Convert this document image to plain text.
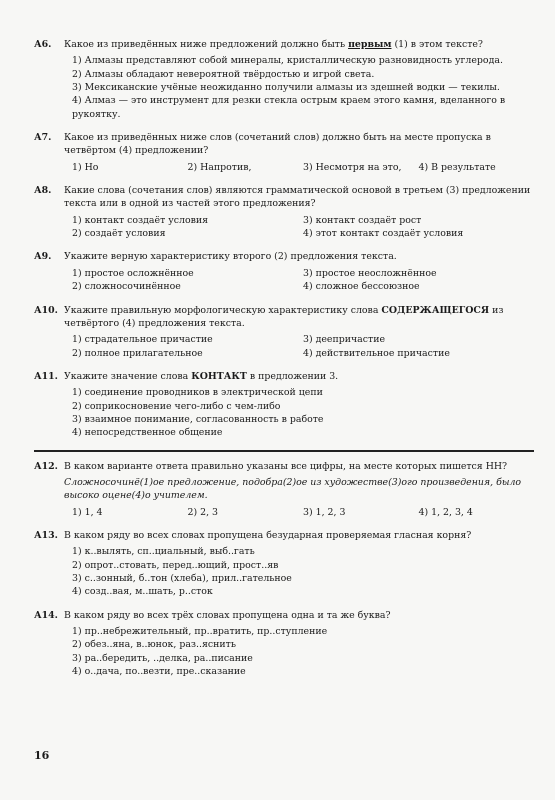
А6.	Какое из приведённых ниже предложений должно быть первым (1) в этом тексте?

1) Алмазы представляют собой минералы, кристаллическую разновидность углерода.

2) Алмазы обладают невероятной твёрдостью и игрой света.

3) Мексиканские учёные неожиданно получили алмазы из здешней водки — текилы.

4) Алмаз — это инструмент для резки стекла острым краем этого камня, вделанного в рукоятку.

А7.	Какое из приведённых ниже слов (сочетаний слов) должно быть на месте пропуска в четвёртом (4) предложении?

1) Но	2) Напротив,	3) Несмотря на это,	4) В результате

А8.	Какие слова (сочетания слов) являются грамматической основой в третьем (3) предложении текста или в одной из частей этого предложения?

1) контакт создаёт условия	3) контакт создаёт рост

2) создаёт условия	4) этот контакт создаёт условия

А9.	Укажите верную характеристику второго (2) предложения текста.

1) простое осложнённое	3) простое неосложнённое

2) сложносочинённое	4) сложное бессоюзное

А10. Укажите правильную морфологическую характеристику слова СОДЕРЖАЩЕГОСЯ из четвёртого (4) предложения текста.

1) страдательное причастие	3) деепричастие

2) полное прилагательное	4) действительное причастие

А11. Укажите значение слова КОНТАКТ в предложении 3.

1) соединение проводников в электрической цепи

2) соприкосновение чего-либо с чем-либо

3) взаимное понимание, согласованность в работе

4) непосредственное общение

А12. В каком варианте ответа правильно указаны все цифры, на месте которых пишется НН?

Сложносочинё(1)ое предложение, подобра(2)ое из художестве(3)ого произведения, было высоко оцене(4)о учителем.

1) 1, 4	2) 2, 3	3) 1, 2, 3	4) 1, 2, 3, 4

А13. В каком ряду во всех словах пропущена безударная проверяемая гласная корня?

1) к..вылять, сп..циальный, выб..гать

2) опрот..стовать, перед..ющий, прост..яв

3) с..зонный, б..тон (хлеба), прил..гательное

4) созд..вая, м..шать, р..сток

А14. В каком ряду во всех трёх словах пропущена одна и та же буква?

1) пр..небрежительный, пр..вратить, пр..ступление

2) обез..яна, в..юнок, раз..яснить

3) ра..бередить, ..делка, ра..писание

4) о..дача, по..везти, пре..сказание

16
